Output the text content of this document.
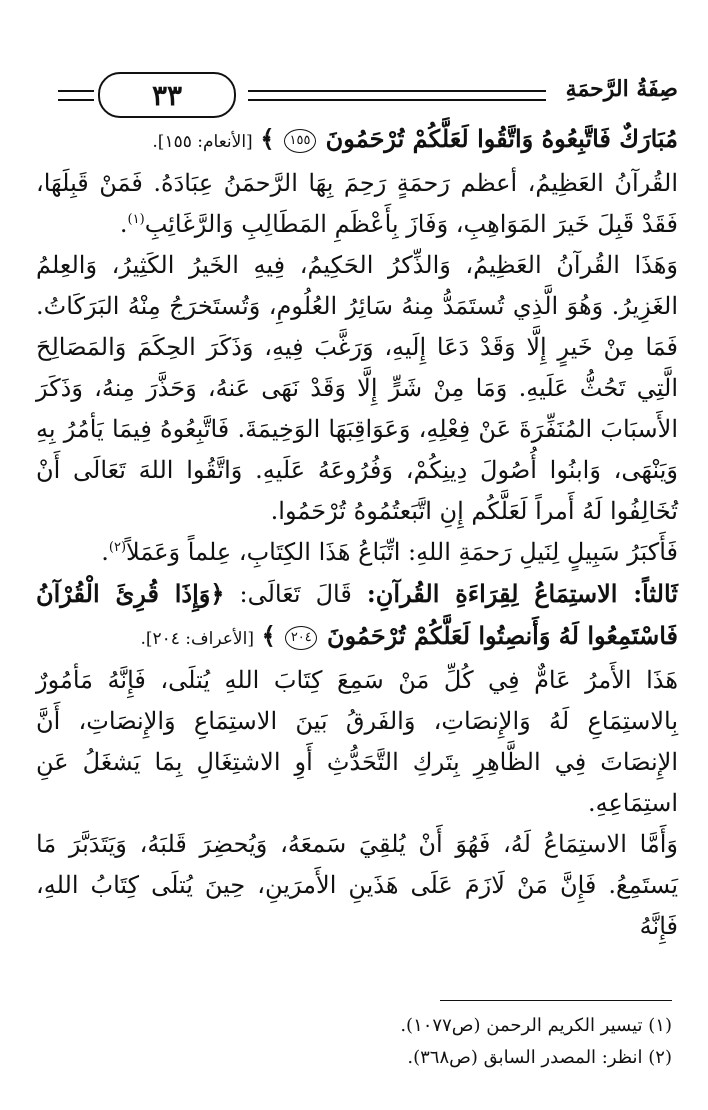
صِفَةُ الرَّحمَةِ
٣٣

مُبَارَكٌ فَاتَّبِعُوهُ وَاتَّقُوا لَعَلَّكُمْ تُرْحَمُونَ ١٥٥ ﴾ [الأنعام: ١٥٥].

القُرآنُ العَظِيمُ، أعظم رَحمَةٍ رَحِمَ بِهَا الرَّحمَنُ عِبَادَهُ. فَمَنْ قَبِلَهَا، فَقَدْ قَبِلَ خَيرَ المَوَاهِبِ، وَفَازَ بِأَعْظَمِ المَطَالِبِ وَالرَّغَائِبِ$^{(١)}$.

وَهَذَا القُرآنُ العَظِيمُ، وَالذِّكرُ الحَكِيمُ، فِيهِ الخَيرُ الكَثِيرُ، وَالعِلمُ الغَزِيرُ. وَهُوَ الَّذِي تُستَمَدُّ مِنهُ سَائِرُ العُلُومِ، وَتُستَخرَجُ مِنْهُ البَرَكَاتُ. فَمَا مِنْ خَيرٍ إِلَّا وَقَدْ دَعَا إِلَيهِ، وَرَغَّبَ فِيهِ، وَذَكَرَ الحِكَمَ وَالمَصَالِحَ الَّتِي تَحُثُّ عَلَيهِ. وَمَا مِنْ شَرٍّ إِلَّا وَقَدْ نَهَى عَنهُ، وَحَذَّرَ مِنهُ، وَذَكَرَ الأَسبَابَ المُنَفِّرَةَ عَنْ فِعْلِهِ، وَعَوَاقِبَهَا الوَخِيمَةَ. فَاتَّبِعُوهُ فِيمَا يَأمُرُ بِهِ وَيَنْهَى، وَابنُوا أُصُولَ دِينِكُمْ، وَفُرُوعَهُ عَلَيهِ. وَاتَّقُوا اللهَ تَعَالَى أَنْ تُخَالِفُوا لَهُ أَمراً لَعَلَّكُم إِنِ اتَّبَعتُمُوهُ تُرْحَمُوا.

فَأَكبَرُ سَبِيلٍ لِنَيلِ رَحمَةِ اللهِ: اتِّبَاعُ هَذَا الكِتَابِ، عِلماً وَعَمَلاً$^{(٢)}$.

ثَالثاً: الاستِمَاعُ لِقِرَاءَةِ القُرآنِ: قَالَ تَعَالَى: ﴿وَإِذَا قُرِئَ الْقُرْآنُ فَاسْتَمِعُوا لَهُ وَأَنصِتُوا لَعَلَّكُمْ تُرْحَمُونَ ٢٠٤ ﴾ [الأعراف: ٢٠٤].

هَذَا الأَمرُ عَامٌّ فِي كُلِّ مَنْ سَمِعَ كِتَابَ اللهِ يُتلَى، فَإِنَّهُ مَأمُورٌ بِالاستِمَاعِ لَهُ وَالإِنصَاتِ، وَالفَرقُ بَينَ الاستِمَاعِ وَالإِنصَاتِ، أَنَّ الإِنصَاتَ فِي الظَّاهِرِ بِتَركِ التَّحَدُّثِ أَوِ الاشتِغَالِ بِمَا يَشغَلُ عَنِ استِمَاعِهِ.

وَأَمَّا الاستِمَاعُ لَهُ، فَهُوَ أَنْ يُلقِيَ سَمعَهُ، وَيُحضِرَ قَلبَهُ، وَيَتَدَبَّرَ مَا يَستَمِعُ. فَإِنَّ مَنْ لَازَمَ عَلَى هَذَينِ الأَمرَينِ، حِينَ يُتلَى كِتَابُ اللهِ، فَإِنَّهُ

(١) تيسير الكريم الرحمن (ص١٠٧٧).

(٢) انظر: المصدر السابق (ص٣٦٨).
